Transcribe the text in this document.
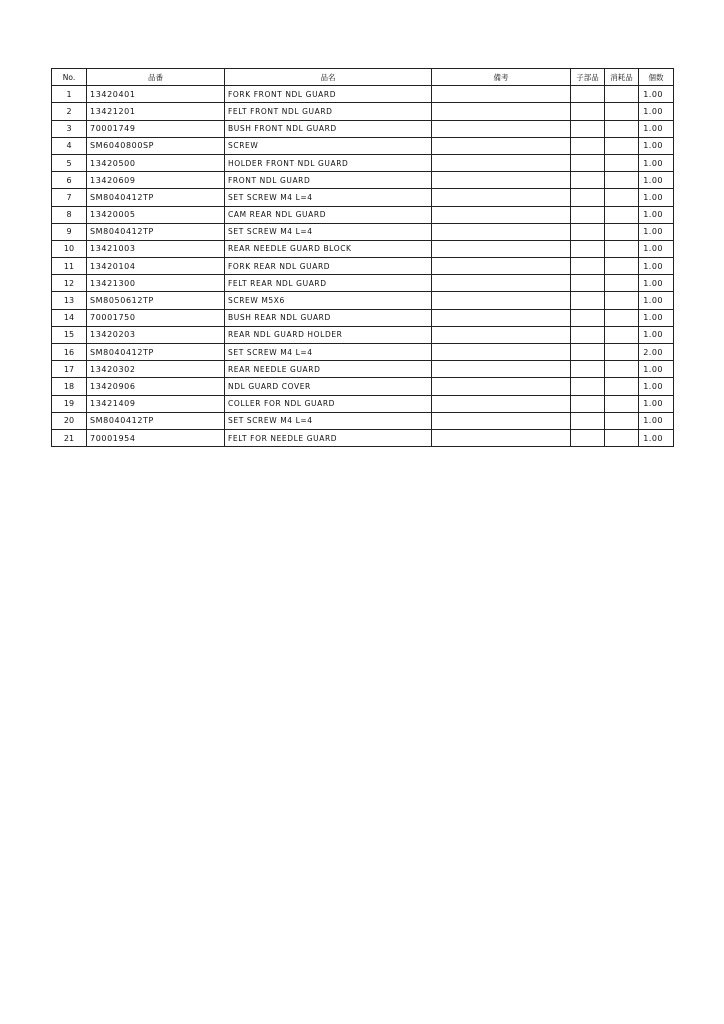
No.	品番	品名	備考	子部品	消耗品	個数
1	13420401	FORK FRONT NDL GUARD				1.00
2	13421201	FELT FRONT NDL GUARD				1.00
3	70001749	BUSH FRONT NDL GUARD				1.00
4	SM6040800SP	SCREW				1.00
5	13420500	HOLDER FRONT NDL GUARD				1.00
6	13420609	FRONT NDL GUARD				1.00
7	SM8040412TP	SET SCREW M4 L=4				1.00
8	13420005	CAM REAR NDL GUARD				1.00
9	SM8040412TP	SET SCREW M4 L=4				1.00
10	13421003	REAR NEEDLE GUARD BLOCK				1.00
11	13420104	FORK REAR NDL GUARD				1.00
12	13421300	FELT REAR NDL GUARD				1.00
13	SM8050612TP	SCREW M5X6				1.00
14	70001750	BUSH REAR NDL GUARD				1.00
15	13420203	REAR NDL GUARD HOLDER				1.00
16	SM8040412TP	SET SCREW M4 L=4				2.00
17	13420302	REAR NEEDLE GUARD				1.00
18	13420906	NDL GUARD COVER				1.00
19	13421409	COLLER FOR NDL GUARD				1.00
20	SM8040412TP	SET SCREW M4 L=4				1.00
21	70001954	FELT FOR NEEDLE GUARD				1.00
